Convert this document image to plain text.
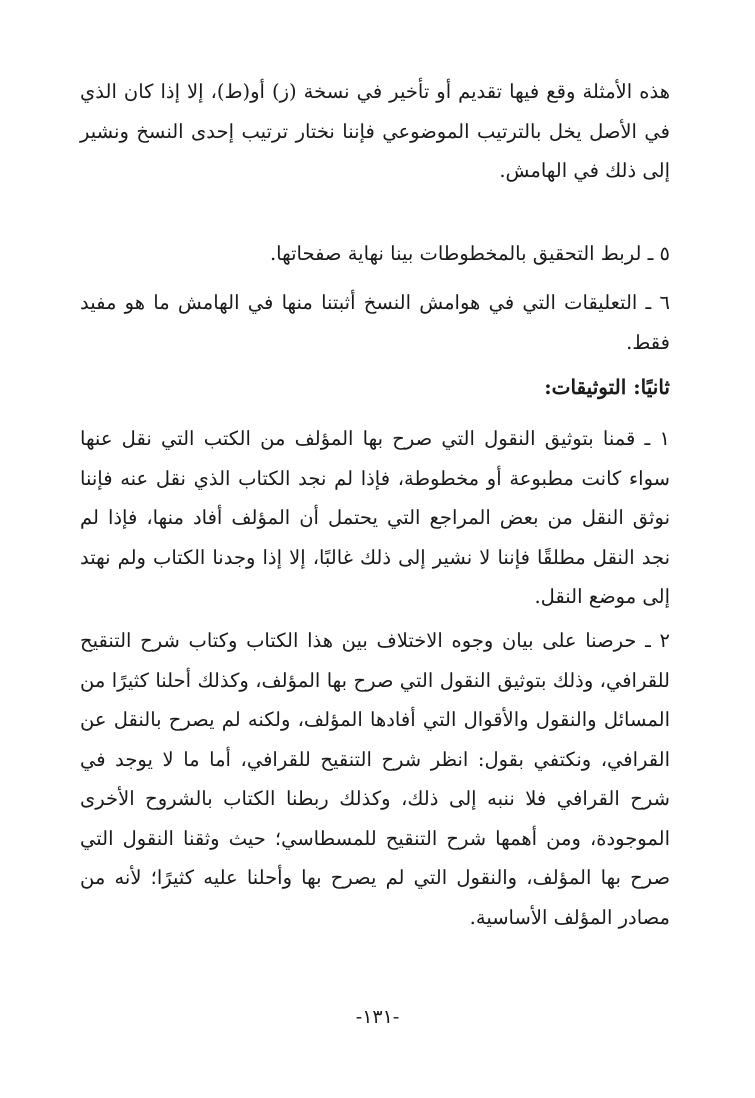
هذه الأمثلة وقع فيها تقديم أو تأخير في نسخة (ز) أو(ط)، إلا إذا كان الذي في الأصل يخل بالترتيب الموضوعي فإننا نختار ترتيب إحدى النسخ ونشير إلى ذلك في الهامش.

٥ ـ لربط التحقيق بالمخطوطات بينا نهاية صفحاتها.

٦ ـ التعليقات التي في هوامش النسخ أثبتنا منها في الهامش ما هو مفيد فقط.

ثانيًا: التوثيقات:

١ ـ قمنا بتوثيق النقول التي صرح بها المؤلف من الكتب التي نقل عنها سواء كانت مطبوعة أو مخطوطة، فإذا لم نجد الكتاب الذي نقل عنه فإننا نوثق النقل من بعض المراجع التي يحتمل أن المؤلف أفاد منها، فإذا لم نجد النقل مطلقًا فإننا لا نشير إلى ذلك غالبًا، إلا إذا وجدنا الكتاب ولم نهتد إلى موضع النقل.

٢ ـ حرصنا على بيان وجوه الاختلاف بين هذا الكتاب وكتاب شرح التنقيح للقرافي، وذلك بتوثيق النقول التي صرح بها المؤلف، وكذلك أحلنا كثيرًا من المسائل والنقول والأقوال التي أفادها المؤلف، ولكنه لم يصرح بالنقل عن القرافي، ونكتفي بقول: انظر شرح التنقيح للقرافي، أما ما لا يوجد في شرح القرافي فلا ننبه إلى ذلك، وكذلك ربطنا الكتاب بالشروح الأخرى الموجودة، ومن أهمها شرح التنقيح للمسطاسي؛ حيث وثقنا النقول التي صرح بها المؤلف، والنقول التي لم يصرح بها وأحلنا عليه كثيرًا؛ لأنه من مصادر المؤلف الأساسية.

-١٣١-
